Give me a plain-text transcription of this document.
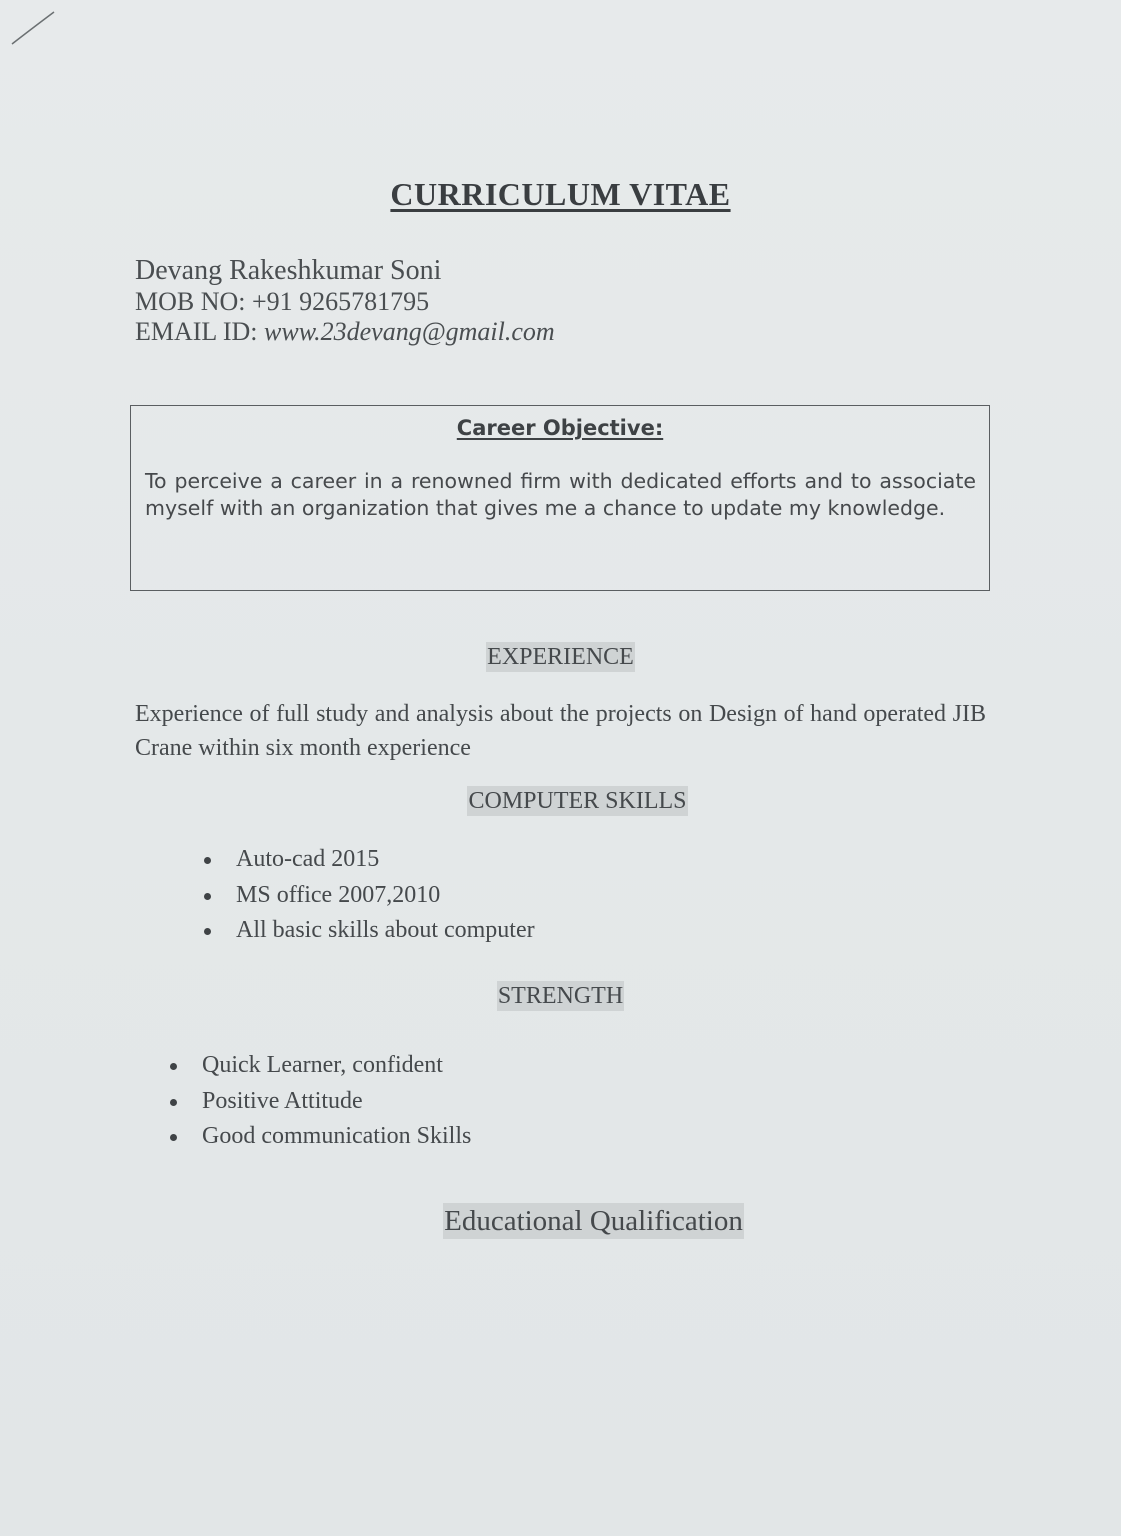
CURRICULUM VITAE
Devang Rakeshkumar Soni
MOB NO: +91 9265781795
EMAIL ID: www.23devang@gmail.com
Career Objective:
To perceive a career in a renowned firm with dedicated efforts and to associate myself with an organization that gives me a chance to update my knowledge.
EXPERIENCE
Experience of full study and analysis about the projects on Design of hand operated JIB Crane within six month experience
COMPUTER SKILLS
Auto-cad 2015
MS office 2007,2010
All basic skills about computer
STRENGTH
Quick Learner, confident
Positive Attitude
Good communication Skills
Educational Qualification
